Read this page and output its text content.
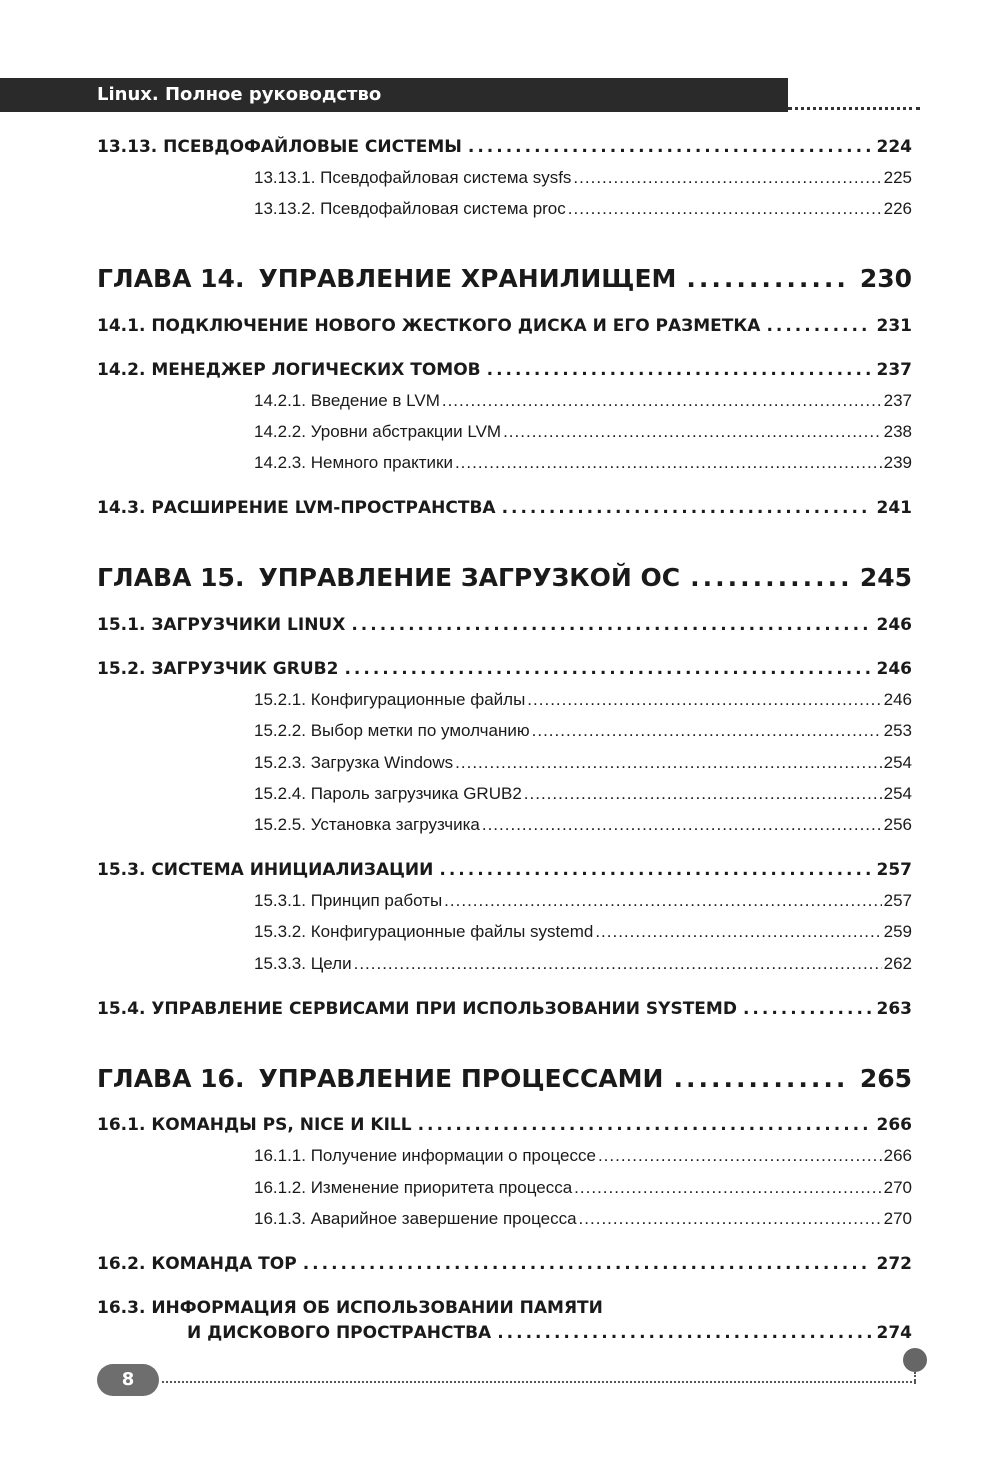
Linux. Полное руководство
13.13. ПСЕВДОФАЙЛОВЫЕ СИСТЕМЫ .....	224
13.13.1. Псевдофайловая система sysfs .....	225
13.13.2. Псевдофайловая система proc .....	226
ГЛАВА 14. УПРАВЛЕНИЕ ХРАНИЛИЩЕМ .....	230
14.1. ПОДКЛЮЧЕНИЕ НОВОГО ЖЕСТКОГО ДИСКА И ЕГО РАЗМЕТКА .....	231
14.2. МЕНЕДЖЕР ЛОГИЧЕСКИХ ТОМОВ .....	237
14.2.1. Введение в LVM .....	237
14.2.2. Уровни абстракции LVM .....	238
14.2.3. Немного практики .....	239
14.3. РАСШИРЕНИЕ LVM-ПРОСТРАНСТВА .....	241
ГЛАВА 15. УПРАВЛЕНИЕ ЗАГРУЗКОЙ ОС .....	245
15.1. ЗАГРУЗЧИКИ LINUX .....	246
15.2. ЗАГРУЗЧИК GRUB2 .....	246
15.2.1. Конфигурационные файлы .....	246
15.2.2. Выбор метки по умолчанию .....	253
15.2.3. Загрузка Windows .....	254
15.2.4. Пароль загрузчика GRUB2 .....	254
15.2.5. Установка загрузчика .....	256
15.3. СИСТЕМА ИНИЦИАЛИЗАЦИИ .....	257
15.3.1. Принцип работы .....	257
15.3.2. Конфигурационные файлы systemd .....	259
15.3.3. Цели .....	262
15.4. УПРАВЛЕНИЕ СЕРВИСАМИ ПРИ ИСПОЛЬЗОВАНИИ SYSTEMD .....	263
ГЛАВА 16. УПРАВЛЕНИЕ ПРОЦЕССАМИ .....	265
16.1. КОМАНДЫ PS, NICE И KILL .....	266
16.1.1. Получение информации о процессе .....	266
16.1.2. Изменение приоритета процесса .....	270
16.1.3. Аварийное завершение процесса .....	270
16.2. КОМАНДА TOP .....	272
16.3. ИНФОРМАЦИЯ ОБ ИСПОЛЬЗОВАНИИ ПАМЯТИ
И ДИСКОВОГО ПРОСТРАНСТВА .....	274
8
